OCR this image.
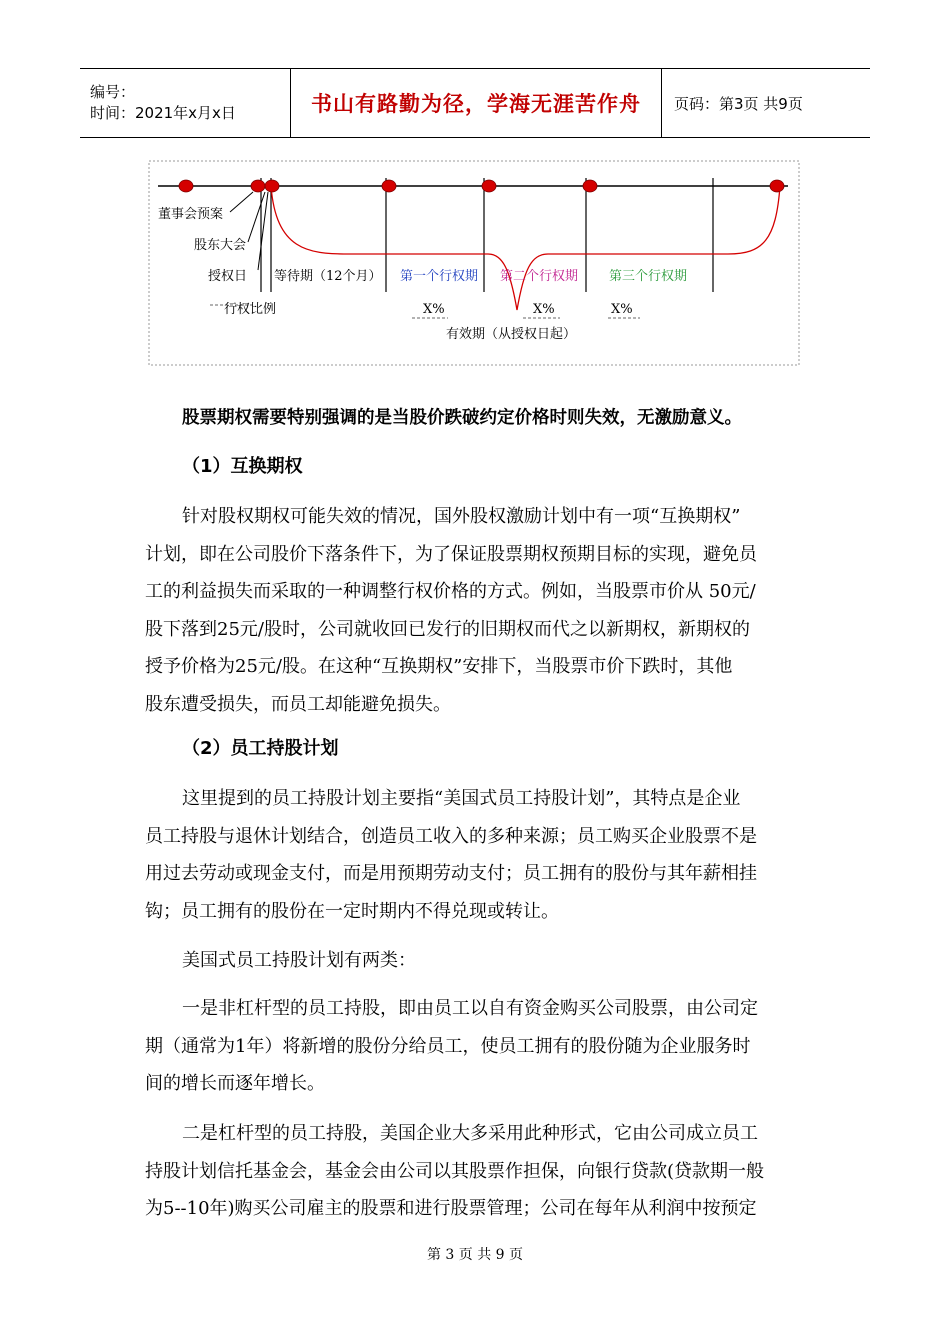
编号：
时间：2021年x月x日	书山有路勤为径，学海无涯苦作舟 页码：第3页 共9页
董事会预案
股东大会
授权日
行权比例
等待期（12个月） 第一个行权期 第二个行权期 第三个行权期
X%	X%	X%
有效期（从授权日起）

股票期权需要特别强调的是当股价跌破约定价格时则失效，无激励意义。

（1）互换期权

针对股权期权可能失效的情况，国外股权激励计划中有一项“互换期权”
计划，即在公司股价下落条件下，为了保证股票期权预期目标的实现，避免员
工的利益损失而采取的一种调整行权价格的方式。例如，当股票市价从 50元/
股下落到25元/股时，公司就收回已发行的旧期权而代之以新期权，新期权的
授予价格为25元/股。在这种“互换期权”安排下，当股票市价下跌时，其他
股东遭受损失，而员工却能避免损失。

（2）员工持股计划

这里提到的员工持股计划主要指“美国式员工持股计划”，其特点是企业
员工持股与退休计划结合，创造员工收入的多种来源；员工购买企业股票不是
用过去劳动或现金支付，而是用预期劳动支付；员工拥有的股份与其年薪相挂
钩；员工拥有的股份在一定时期内不得兑现或转让。

美国式员工持股计划有两类：

一是非杠杆型的员工持股，即由员工以自有资金购买公司股票，由公司定
期（通常为1年）将新增的股份分给员工，使员工拥有的股份随为企业服务时
间的增长而逐年增长。
二是杠杆型的员工持股，美国企业大多采用此种形式，它由公司成立员工
持股计划信托基金会，基金会由公司以其股票作担保，向银行贷款(贷款期一般
为5--10年)购买公司雇主的股票和进行股票管理；公司在每年从利润中按预定
第 3 页 共 9 页
